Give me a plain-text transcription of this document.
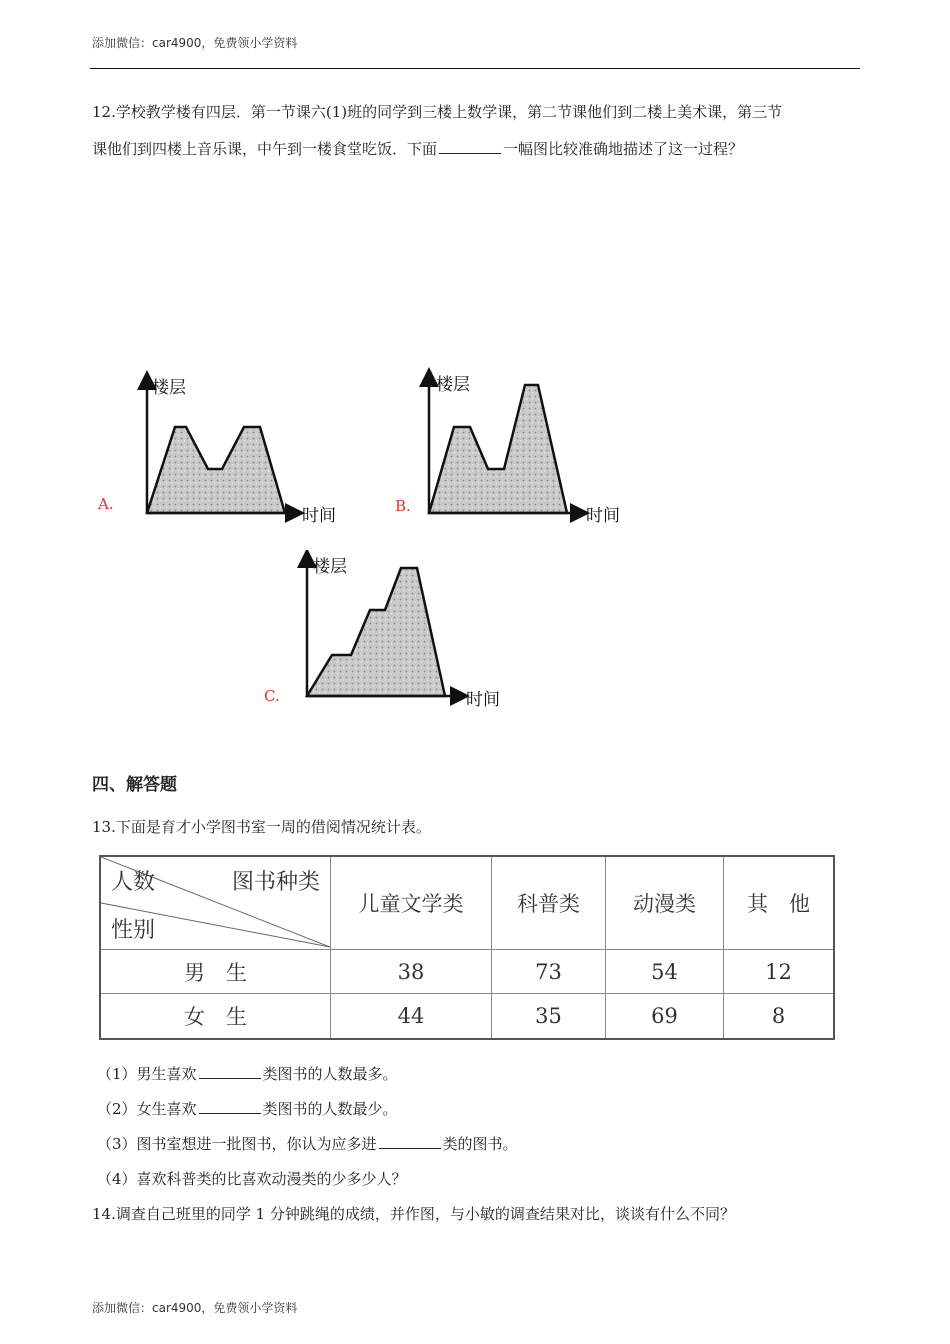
添加微信：car4900，免费领小学资料
12.学校教学楼有四层．第一节课六(1)班的同学到三楼上数学课，第二节课他们到二楼上美术课，第三节
课他们到四楼上音乐课，中午到一楼食堂吃饭．下面	一幅图比较准确地描述了这一过程？
楼层
时间
A.
楼层
时间
B.
楼层
时间
C.
四、解答题
13.下面是育才小学图书室一周的借阅情况统计表。
人数 图书种类
性别	儿童文学类	科普类	动漫类	其　他
男　生	38	73	54	12
女　生	44	35	69	8
（1）男生喜欢	类图书的人数最多。
（2）女生喜欢	类图书的人数最少。
（3）图书室想进一批图书，你认为应多进	类的图书。
（4）喜欢科普类的比喜欢动漫类的少多少人？
14.调查自己班里的同学 1 分钟跳绳的成绩，并作图，与小敏的调查结果对比，谈谈有什么不同？
添加微信：car4900，免费领小学资料
